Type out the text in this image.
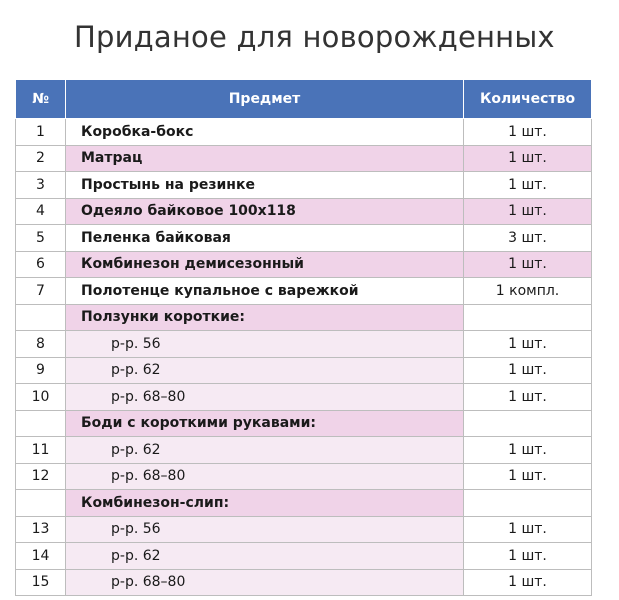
Приданое для новорожденных
№	Предмет	Количество
1	Коробка-бокс	1 шт.
2	Матрац	1 шт.
3	Простынь на резинке	1 шт.
4	Одеяло байковое 100х118	1 шт.
5	Пеленка байковая	3 шт.
6	Комбинезон демисезонный	1 шт.
7	Полотенце купальное с варежкой	1 компл.
	Ползунки короткие:	
8	р-р. 56	1 шт.
9	р-р. 62	1 шт.
10	р-р. 68–80	1 шт.
	Боди с короткими рукавами:	
11	р-р. 62	1 шт.
12	р-р. 68–80	1 шт.
	Комбинезон-слип:	
13	р-р. 56	1 шт.
14	р-р. 62	1 шт.
15	р-р. 68–80	1 шт.
